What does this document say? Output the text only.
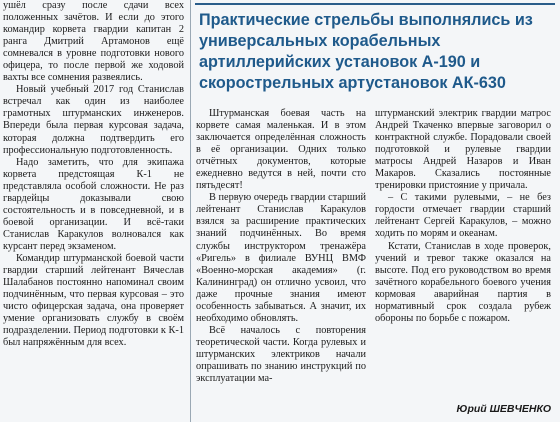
ушёл сразу после сдачи всех положенных зачётов. И если до этого командир корвета гвардии капитан 2 ранга Дмитрий Артамонов ещё сомневался в уровне подготовки нового офицера, то после первой же ходовой вахты все сомнения развеялись.

Новый учебный 2017 год Станислав встречал как один из наиболее грамотных штурманских инженеров. Впереди была первая курсовая задача, которая должна подтвердить его профессиональную подготовленность.

Надо заметить, что для экипажа корвета предстоящая К-1 не представляла особой сложности. Не раз гвардейцы доказывали свою состоятельность и в повседневной, и в боевой организации. И всё-таки Станислав Каракулов волновался как курсант перед экзаменом.

Командир штурманской боевой части гвардии старший лейтенант Вячеслав Шалабанов постоянно напоминал своим подчинённым, что первая курсовая – это чисто офицерская задача, она проверяет умение организовать службу в своём подразделении. Период подготовки к К-1 был напряжённым для всех.

Практические стрельбы выполнялись из универсальных корабельных артиллерийских установок А-190 и скорострельных артустановок АК-630

Штурманская боевая часть на корвете самая маленькая. И в этом заключается определённая сложность в её организации. Одних только отчётных документов, которые ежедневно ведутся в ней, почти сто пятьдесят!

В первую очередь гвардии старший лейтенант Станислав Каракулов взялся за расширение практических знаний подчинённых. Во время службы инструктором тренажёра «Ригель» в филиале ВУНЦ ВМФ «Военно-морская академия» (г. Калининград) он отлично усвоил, что даже прочные знания имеют особенность забываться. А значит, их необходимо обновлять.

Всё началось с повторения теоретической части. Когда рулевых и штурманских электриков начали опрашивать по знанию инструкций по эксплуатации ма-

штурманский электрик гвардии матрос Андрей Ткаченко впервые заговорил о контрактной службе. Порадовали своей подготовкой и рулевые гвардии матросы Андрей Назаров и Иван Макаров. Сказались постоянные тренировки пристояние у причала.

– С такими рулевыми, – не без гордости отмечает гвардии старший лейтенант Сергей Каракулов, – можно ходить по морям и океанам.

Кстати, Станислав в ходе проверок, учений и тревог также оказался на высоте. Под его руководством во время зачётного корабельного боевого учения кормовая аварийная партия в нормативный срок создала рубеж обороны по борьбе с пожаром.

Юрий ШЕВЧЕНКО
